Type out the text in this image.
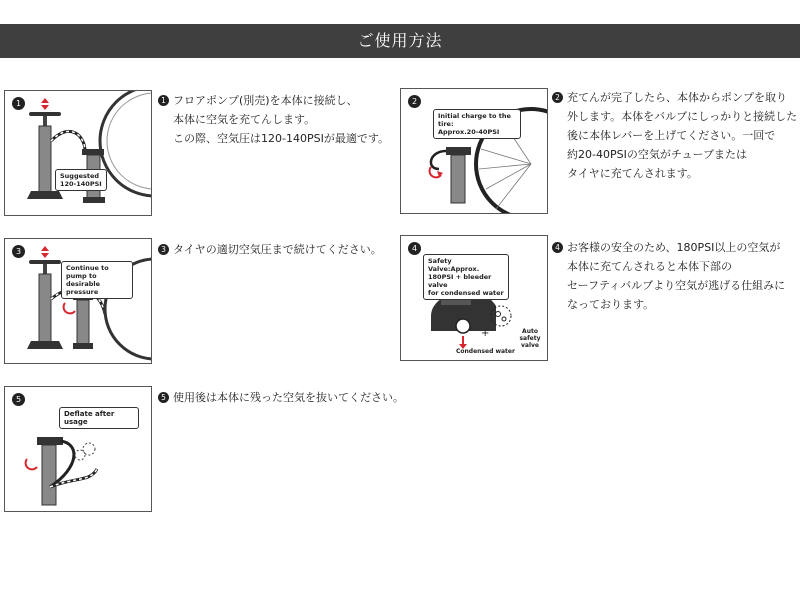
ご使用方法
1
Suggested
120-140PSI
1 フロアポンプ(別売)を本体に接続し、
本体に空気を充てんします。
この際、空気圧は120-140PSIが最適です。
2
Initial charge to the tire:
Approx.20-40PSI
2 充てんが完了したら、本体からポンプを取り
外します。本体をバルブにしっかりと接続した
後に本体レバーを上げてください。一回で
約20-40PSIの空気がチューブまたは
タイヤに充てんされます。
3
Continue to pump to
desirable pressure
3 タイヤの適切空気圧まで続けてください。
+
4
Safety Valve:Approx.
180PSI + bleeder valve
for condensed water
Auto safety
valve
Condensed water
4 お客様の安全のため、180PSI以上の空気が
本体に充てんされると本体下部の
セーフティバルブより空気が逃げる仕組みに
なっております。
5
Deflate after usage
5 使用後は本体に残った空気を抜いてください。
